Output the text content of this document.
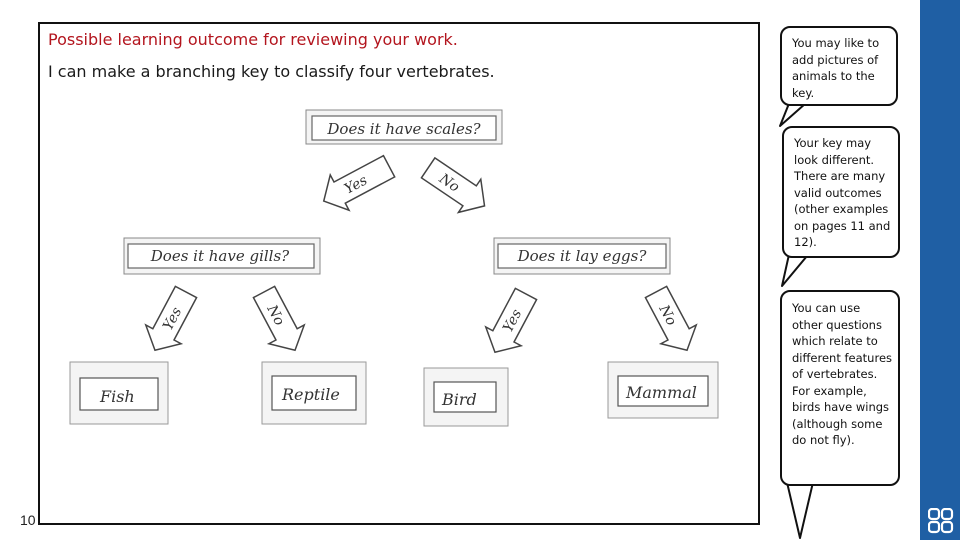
Possible learning outcome for reviewing your work.
I can make a branching key to classify four vertebrates.
Does it have scales?
Yes	No
Does it have gills?	Does it lay eggs?
Yes	No	Yes	No
Fish	Reptile	Bird	Mammal
You may like to add pictures of animals to the key.
Your key may look different. There are many valid outcomes (other examples on pages 11 and 12).
You can use other questions which relate to different features of vertebrates. For example, birds have wings (although some do not fly).
10
